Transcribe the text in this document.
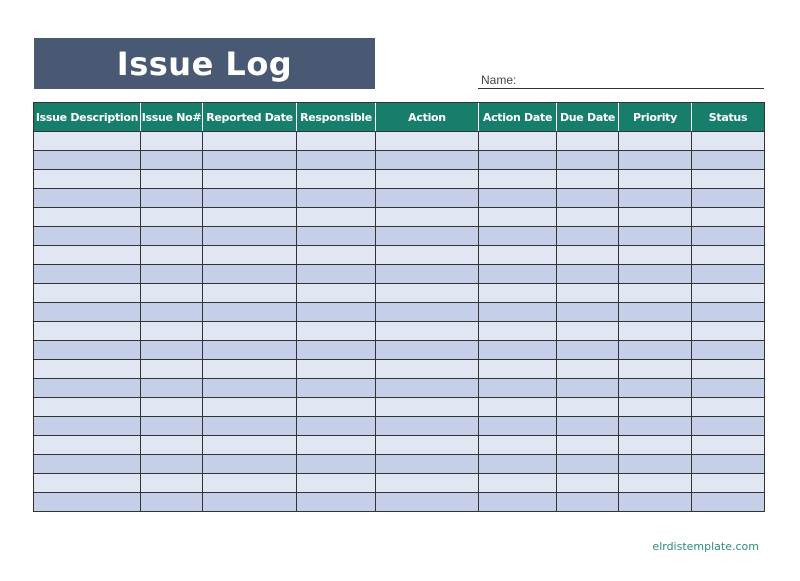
Issue Log	Name:
Issue Description	Issue No#	Reported Date	Responsible	Action	Action Date	Due Date	Priority	Status

elrdistemplate.com
